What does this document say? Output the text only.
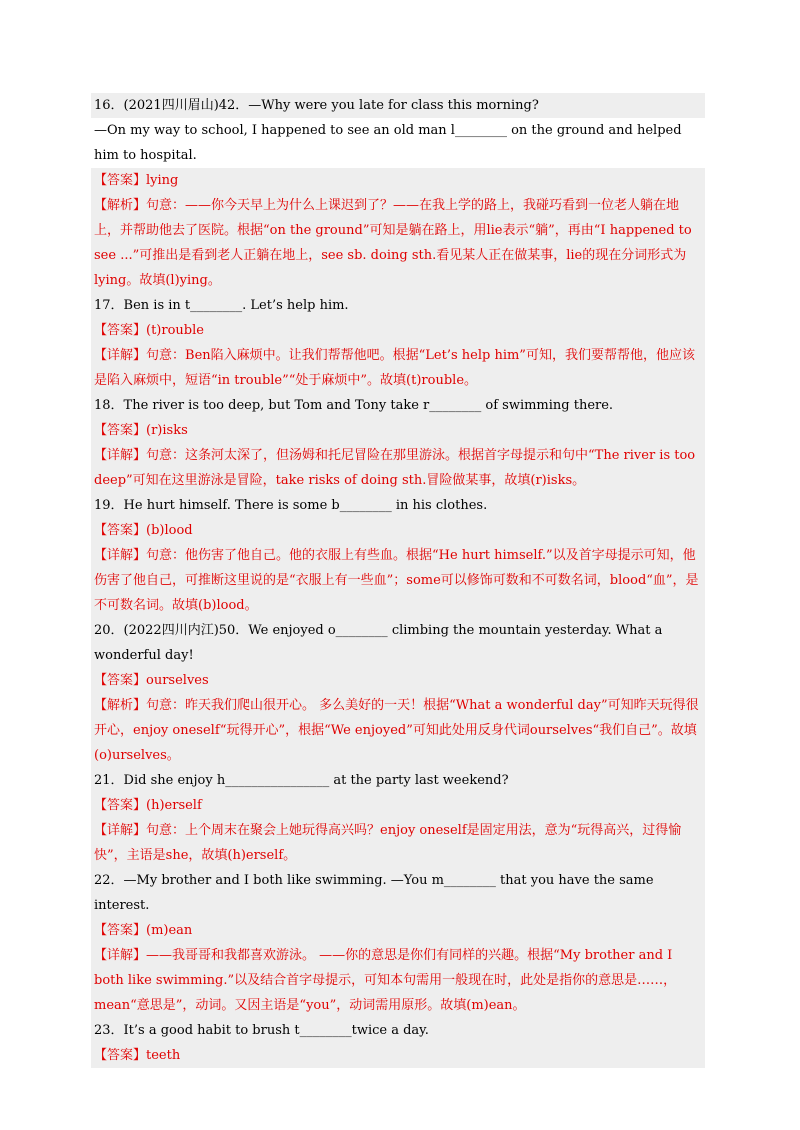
16．(2021四川眉山)42．—Why were you late for class this morning?
—On my way to school, I happened to see an old man l________ on the ground and helped him to hospital.
【答案】lying
【解析】句意：——你今天早上为什么上课迟到了？——在我上学的路上，我碰巧看到一位老人躺在地上，并帮助他去了医院。根据“on the ground”可知是躺在路上，用lie表示“躺”，再由“I happened to see ...”可推出是看到老人正躺在地上，see sb. doing sth.看见某人正在做某事，lie的现在分词形式为lying。故填(l)ying。
17．Ben is in t________. Let’s help him.
【答案】(t)rouble
【详解】句意：Ben陷入麻烦中。让我们帮帮他吧。根据“Let’s help him”可知，我们要帮帮他，他应该是陷入麻烦中，短语“in trouble”“处于麻烦中”。故填(t)rouble。
18．The river is too deep, but Tom and Tony take r________ of swimming there.
【答案】(r)isks
【详解】句意：这条河太深了，但汤姆和托尼冒险在那里游泳。根据首字母提示和句中“The river is too deep”可知在这里游泳是冒险，take risks of doing sth.冒险做某事，故填(r)isks。
19．He hurt himself. There is some b________ in his clothes.
【答案】(b)lood
【详解】句意：他伤害了他自己。他的衣服上有些血。根据“He hurt himself.”以及首字母提示可知，他伤害了他自己，可推断这里说的是“衣服上有一些血”；some可以修饰可数和不可数名词，blood“血”，是不可数名词。故填(b)lood。
20．(2022四川内江)50．We enjoyed o________ climbing the mountain yesterday. What a wonderful day!
【答案】ourselves
【解析】句意：昨天我们爬山很开心。 多么美好的一天！根据“What a wonderful day”可知昨天玩得很开心，enjoy oneself“玩得开心”，根据“We enjoyed”可知此处用反身代词ourselves“我们自己”。故填(o)urselves。
21．Did she enjoy h________________ at the party last weekend?
【答案】(h)erself
【详解】句意：上个周末在聚会上她玩得高兴吗？enjoy oneself是固定用法，意为“玩得高兴，过得愉快”，主语是she，故填(h)erself。
22．—My brother and I both like swimming. —You m________ that you have the same interest.
【答案】(m)ean
【详解】——我哥哥和我都喜欢游泳。 ——你的意思是你们有同样的兴趣。根据“My brother and I both like swimming.”以及结合首字母提示，可知本句需用一般现在时，此处是指你的意思是……，mean“意思是”，动词。又因主语是“you”，动词需用原形。故填(m)ean。
23．It’s a good habit to brush t________twice a day.
【答案】teeth
